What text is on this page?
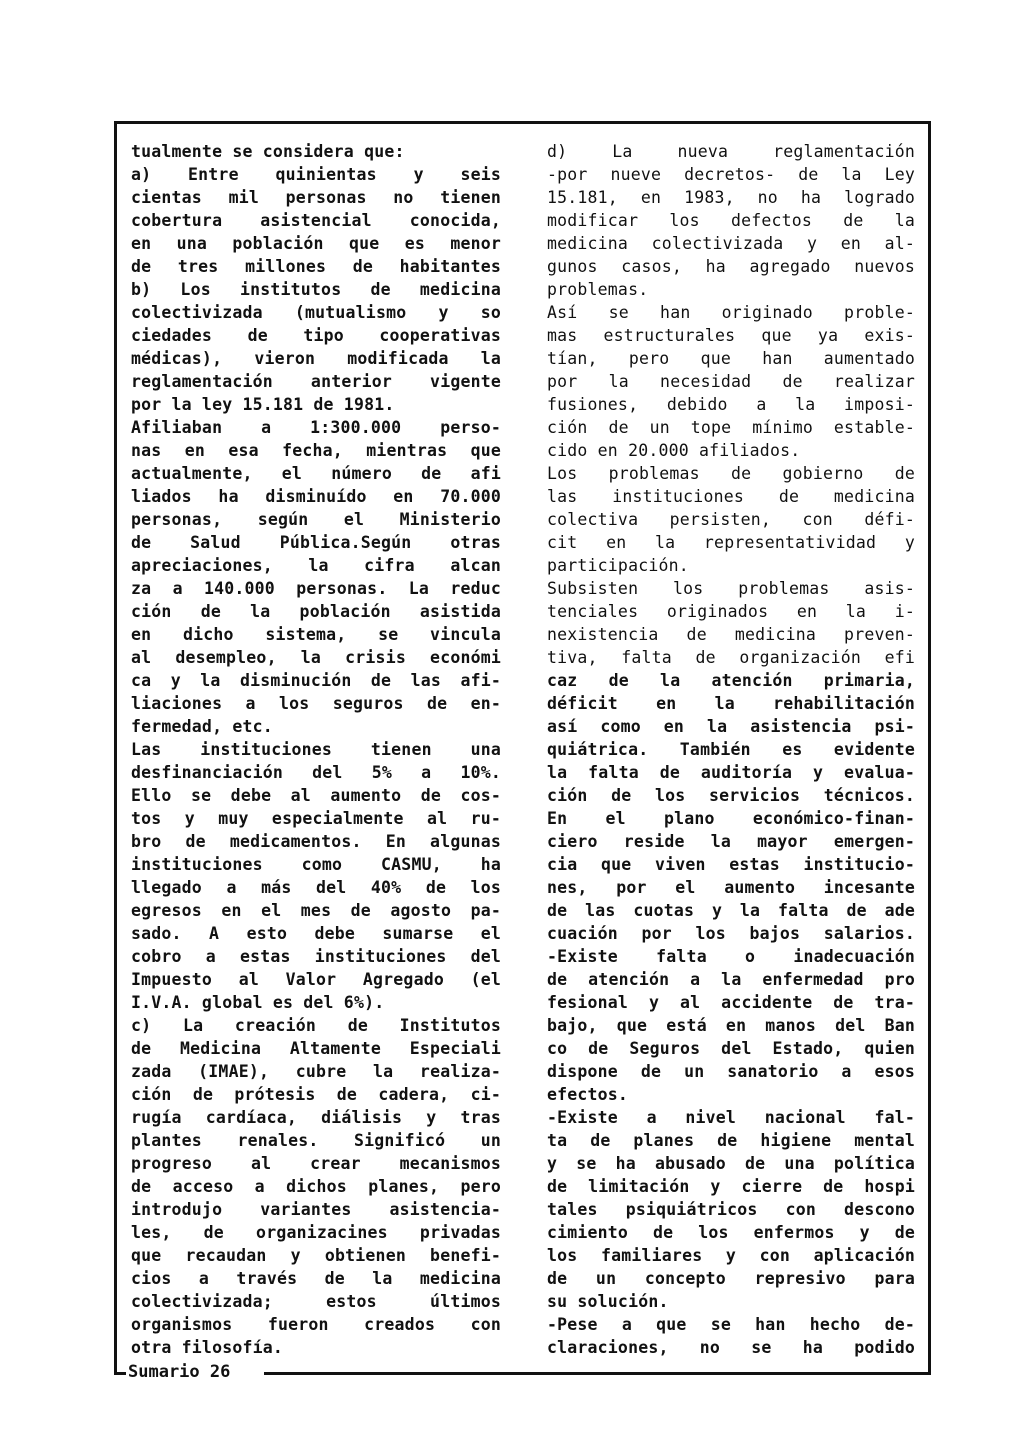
tualmente se considera que:
a) Entre quinientas y seis
cientas mil personas no tienen
cobertura asistencial conocida,
en una población que es menor
de tres millones de habitantes
b) Los institutos de medicina
colectivizada (mutualismo y so
ciedades de tipo cooperativas
médicas), vieron modificada la
reglamentación anterior vigente
por la ley 15.181 de 1981.
Afiliaban a 1:300.000 perso-
nas en esa fecha, mientras que
actualmente, el número de afi
liados ha disminuído en 70.000
personas, según el Ministerio
de Salud Pública.Según otras
apreciaciones, la cifra alcan
za a 140.000 personas. La reduc
ción de la población asistida
en dicho sistema, se vincula
al desempleo, la crisis económi
ca y la disminución de las afi-
liaciones a los seguros de en-
fermedad, etc.
Las instituciones tienen una
desfinanciación del 5% a 10%.
Ello se debe al aumento de cos-
tos y muy especialmente al ru-
bro de medicamentos. En algunas
instituciones como CASMU, ha
llegado a más del 40% de los
egresos en el mes de agosto pa-
sado. A esto debe sumarse el
cobro a estas instituciones del
Impuesto al Valor Agregado (el
I.V.A. global es del 6%).
c) La creación de Institutos
de Medicina Altamente Especiali
zada (IMAE), cubre la realiza-
ción de prótesis de cadera, ci-
rugía cardíaca, diálisis y tras
plantes renales. Significó un
progreso al crear mecanismos
de acceso a dichos planes, pero
introdujo variantes asistencia-
les, de organizacines privadas
que recaudan y obtienen benefi-
cios a través de la medicina
colectivizada; estos últimos
organismos fueron creados con
otra filosofía.
d) La nueva reglamentación
-por nueve decretos- de la Ley
15.181, en 1983, no ha logrado
modificar los defectos de la
medicina colectivizada y en al-
gunos casos, ha agregado nuevos
problemas.
Así se han originado proble-
mas estructurales que ya exis-
tían, pero que han aumentado
por la necesidad de realizar
fusiones, debido a la imposi-
ción de un tope mínimo estable-
cido en 20.000 afiliados.
Los problemas de gobierno de
las instituciones de medicina
colectiva persisten, con défi-
cit en la representatividad y
participación.
Subsisten los problemas asis-
tenciales originados en la i-
nexistencia de medicina preven-
tiva, falta de organización efi
caz de la atención primaria,
déficit en la rehabilitación
así como en la asistencia psi-
quiátrica. También es evidente
la falta de auditoría y evalua-
ción de los servicios técnicos.
En el plano económico-finan-
ciero reside la mayor emergen-
cia que viven estas institucio-
nes, por el aumento incesante
de las cuotas y la falta de ade
cuación por los bajos salarios.
-Existe falta o inadecuación
de atención a la enfermedad pro
fesional y al accidente de tra-
bajo, que está en manos del Ban
co de Seguros del Estado, quien
dispone de un sanatorio a esos
efectos.
-Existe a nivel nacional fal-
ta de planes de higiene mental
y se ha abusado de una política
de limitación y cierre de hospi
tales psiquiátricos con descono
cimiento de los enfermos y de
los familiares y con aplicación
de un concepto represivo para
su solución.
-Pese a que se han hecho de-
claraciones, no se ha podido
Sumario 26
